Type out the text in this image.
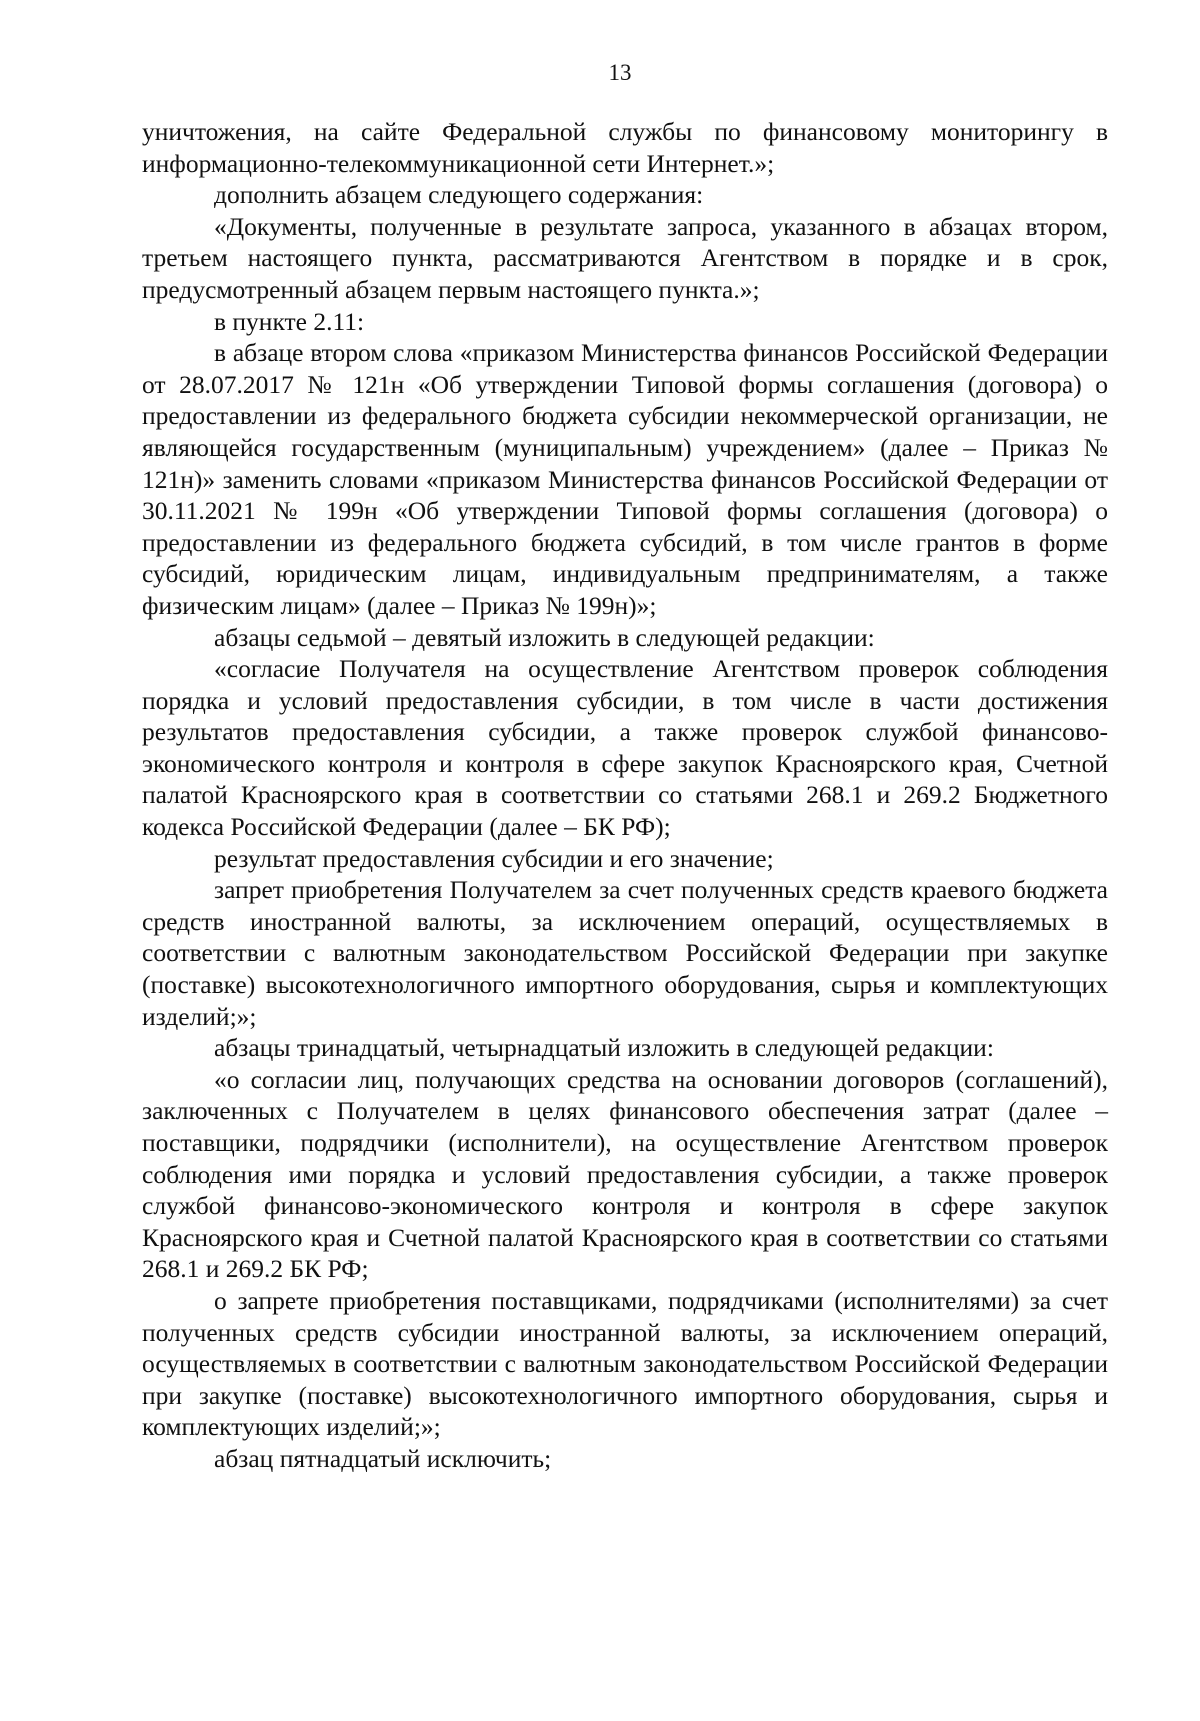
13

уничтожения, на сайте Федеральной службы по финансовому мониторингу в информационно-телекоммуникационной сети Интернет.»;

дополнить абзацем следующего содержания:

«Документы, полученные в результате запроса, указанного в абзацах втором, третьем настоящего пункта, рассматриваются Агентством в порядке и в срок, предусмотренный абзацем первым настоящего пункта.»;

в пункте 2.11:

в абзаце втором слова «приказом Министерства финансов Российской Федерации от 28.07.2017 № 121н «Об утверждении Типовой формы соглашения (договора) о предоставлении из федерального бюджета субсидии некоммерческой организации, не являющейся государственным (муниципальным) учреждением» (далее – Приказ № 121н)» заменить словами «приказом Министерства финансов Российской Федерации от 30.11.2021 № 199н «Об утверждении Типовой формы соглашения (договора) о предоставлении из федерального бюджета субсидий, в том числе грантов в форме субсидий, юридическим лицам, индивидуальным предпринимателям, а также физическим лицам» (далее – Приказ № 199н)»;

абзацы седьмой – девятый изложить в следующей редакции:

«согласие Получателя на осуществление Агентством проверок соблюдения порядка и условий предоставления субсидии, в том числе в части достижения результатов предоставления субсидии, а также проверок службой финансово-экономического контроля и контроля в сфере закупок Красноярского края, Счетной палатой Красноярского края в соответствии со статьями 268.1 и 269.2 Бюджетного кодекса Российской Федерации (далее – БК РФ);

результат предоставления субсидии и его значение;

запрет приобретения Получателем за счет полученных средств краевого бюджета средств иностранной валюты, за исключением операций, осуществляемых в соответствии с валютным законодательством Российской Федерации при закупке (поставке) высокотехнологичного импортного оборудования, сырья и комплектующих изделий;»;

абзацы тринадцатый, четырнадцатый изложить в следующей редакции:

«о согласии лиц, получающих средства на основании договоров (соглашений), заключенных с Получателем в целях финансового обеспечения затрат (далее – поставщики, подрядчики (исполнители), на осуществление Агентством проверок соблюдения ими порядка и условий предоставления субсидии, а также проверок службой финансово-экономического контроля и контроля в сфере закупок Красноярского края и Счетной палатой Красноярского края в соответствии со статьями 268.1 и 269.2 БК РФ;

о запрете приобретения поставщиками, подрядчиками (исполнителями) за счет полученных средств субсидии иностранной валюты, за исключением операций, осуществляемых в соответствии с валютным законодательством Российской Федерации при закупке (поставке) высокотехнологичного импортного оборудования, сырья и комплектующих изделий;»;

абзац пятнадцатый исключить;
